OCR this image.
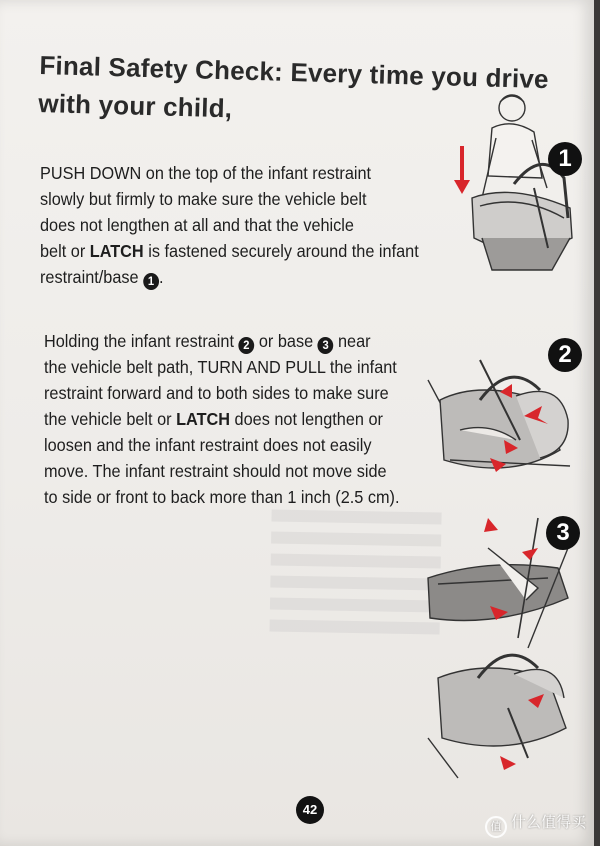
Final Safety Check: Every time you drive with your child,
PUSH DOWN on the top of the infant restraint
slowly but firmly to make sure the vehicle belt
does not lengthen at all and that the vehicle
belt or LATCH is fastened securely around the infant
restraint/base 1 .
Holding the infant restraint 2 or base 3 near
the vehicle belt path, TURN AND PULL the infant
restraint forward and to both sides to make sure
the vehicle belt or LATCH does not lengthen or
loosen and the infant restraint does not easily
move. The infant restraint should not move side
to side or front to back more than 1 inch (2.5 cm).
1
2
3
42
值 什么值得买
